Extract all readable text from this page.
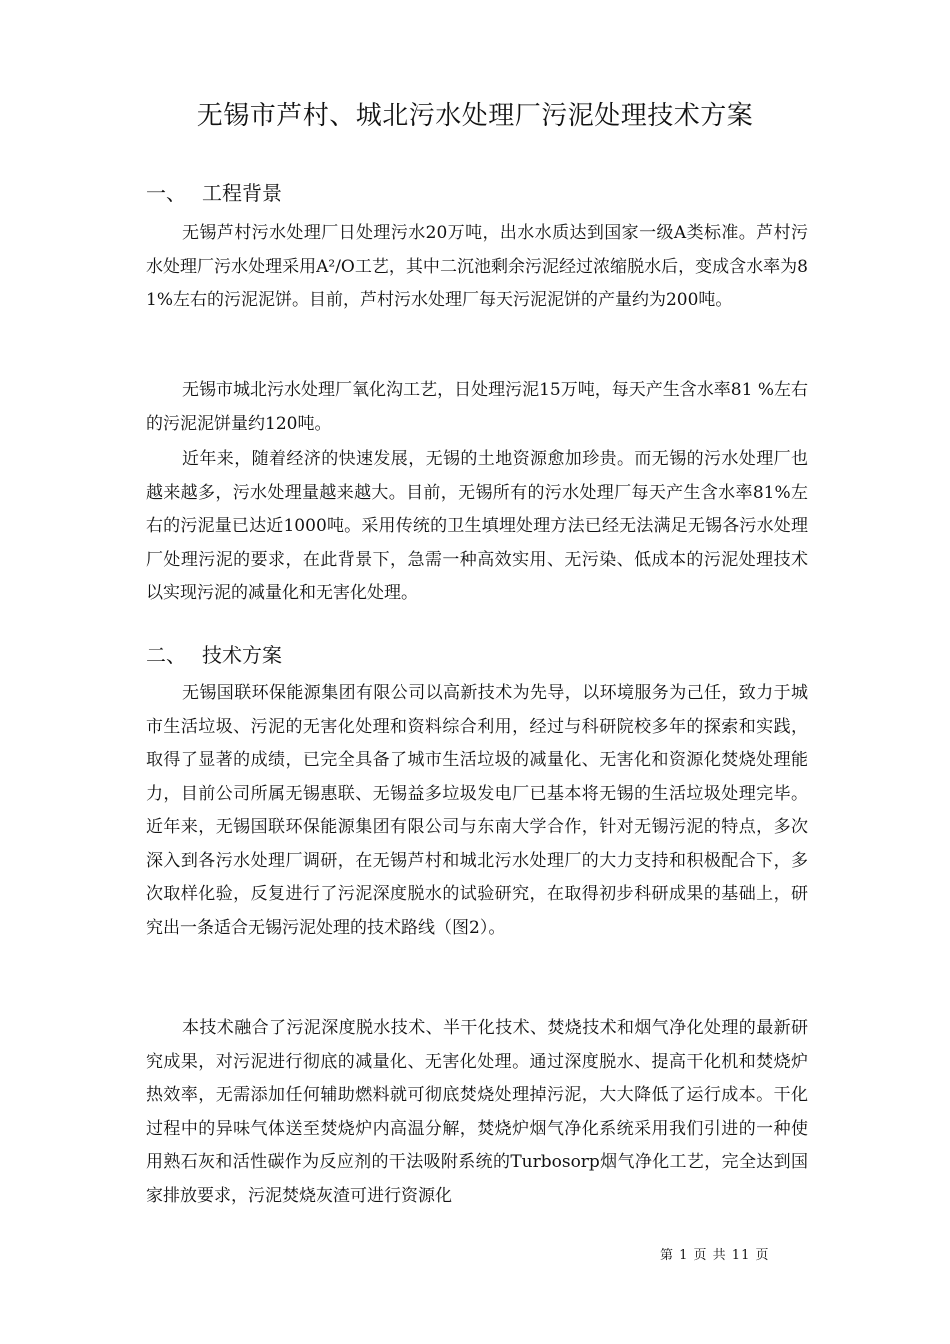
无锡市芦村、城北污水处理厂污泥处理技术方案
一、 工程背景

无锡芦村污水处理厂日处理污水20万吨，出水水质达到国家一级A类标准。芦村污水处理厂污水处理采用A²/O工艺，其中二沉池剩余污泥经过浓缩脱水后，变成含水率为81%左右的污泥泥饼。目前，芦村污水处理厂每天污泥泥饼的产量约为200吨。

无锡市城北污水处理厂氧化沟工艺，日处理污泥15万吨，每天产生含水率81 %左右的污泥泥饼量约120吨。

近年来，随着经济的快速发展，无锡的土地资源愈加珍贵。而无锡的污水处理厂也越来越多，污水处理量越来越大。目前，无锡所有的污水处理厂每天产生含水率81%左右的污泥量已达近1000吨。采用传统的卫生填埋处理方法已经无法满足无锡各污水处理厂处理污泥的要求，在此背景下，急需一种高效实用、无污染、低成本的污泥处理技术以实现污泥的减量化和无害化处理。

二、 技术方案

无锡国联环保能源集团有限公司以高新技术为先导，以环境服务为己任，致力于城市生活垃圾、污泥的无害化处理和资料综合利用，经过与科研院校多年的探索和实践，取得了显著的成绩，已完全具备了城市生活垃圾的减量化、无害化和资源化焚烧处理能力，目前公司所属无锡惠联、无锡益多垃圾发电厂已基本将无锡的生活垃圾处理完毕。近年来，无锡国联环保能源集团有限公司与东南大学合作，针对无锡污泥的特点，多次深入到各污水处理厂调研，在无锡芦村和城北污水处理厂的大力支持和积极配合下，多次取样化验，反复进行了污泥深度脱水的试验研究，在取得初步科研成果的基础上，研究出一条适合无锡污泥处理的技术路线（图2）。

本技术融合了污泥深度脱水技术、半干化技术、焚烧技术和烟气净化处理的最新研究成果，对污泥进行彻底的减量化、无害化处理。通过深度脱水、提高干化机和焚烧炉热效率，无需添加任何辅助燃料就可彻底焚烧处理掉污泥，大大降低了运行成本。干化过程中的异味气体送至焚烧炉内高温分解，焚烧炉烟气净化系统采用我们引进的一种使用熟石灰和活性碳作为反应剂的干法吸附系统的Turbosorp烟气净化工艺，完全达到国家排放要求，污泥焚烧灰渣可进行资源化

第 1 页 共 11 页
